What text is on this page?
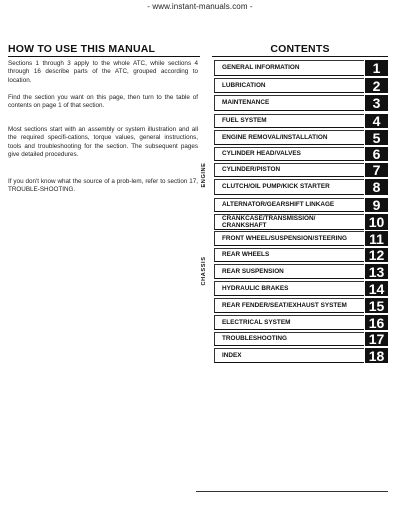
- www.instant-manuals.com -
HOW TO USE THIS MANUAL
Sections 1 through 3 apply to the whole ATC, while sections 4 through 16 describe parts of the ATC, grouped according to location.
Find the section you want on this page, then turn to the table of contents on page 1 of that section.
Most sections start with an assembly or system illustration and all the required specifi-cations, torque values, general instructions, tools and troubleshooting for the section. The subsequent pages give detailed procedures.
If you don't know what the source of a prob-lem, refer to section 17, TROUBLE-SHOOTING.
CONTENTS
GENERAL INFORMATION	1
LUBRICATION	2
MAINTENANCE	3
FUEL SYSTEM	4
ENGINE REMOVAL/INSTALLATION	5
CYLINDER HEAD/VALVES	6
CYLINDER/PISTON	7
CLUTCH/OIL PUMP/KICK STARTER	8
ALTERNATOR/GEARSHIFT LINKAGE	9
CRANKCASE/TRANSMISSION/ CRANKSHAFT	10
FRONT WHEEL/SUSPENSION/STEERING	11
REAR WHEELS	12
REAR SUSPENSION	13
HYDRAULIC BRAKES	14
REAR FENDER/SEAT/EXHAUST SYSTEM	15
ELECTRICAL SYSTEM	16
TROUBLESHOOTING	17
INDEX	18
ENGINE
CHASSIS
